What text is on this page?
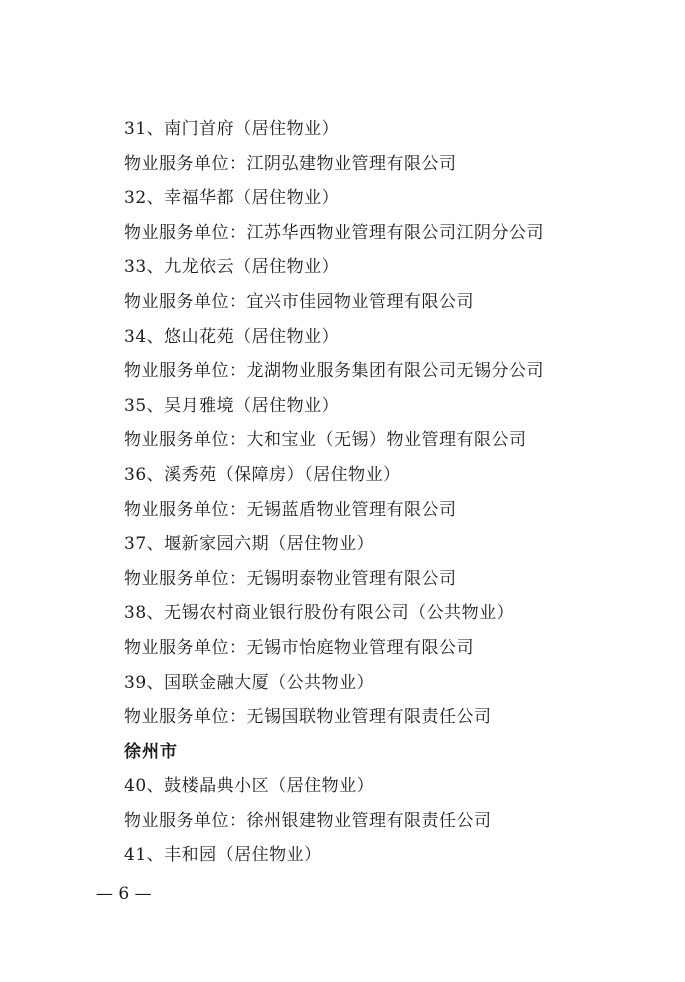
31、南门首府（居住物业）
物业服务单位：江阴弘建物业管理有限公司
32、幸福华都（居住物业）
物业服务单位：江苏华西物业管理有限公司江阴分公司
33、九龙依云（居住物业）
物业服务单位：宜兴市佳园物业管理有限公司
34、悠山花苑（居住物业）
物业服务单位：龙湖物业服务集团有限公司无锡分公司
35、吴月雅境（居住物业）
物业服务单位：大和宝业（无锡）物业管理有限公司
36、溪秀苑（保障房）（居住物业）
物业服务单位：无锡蓝盾物业管理有限公司
37、堰新家园六期（居住物业）
物业服务单位：无锡明泰物业管理有限公司
38、无锡农村商业银行股份有限公司（公共物业）
物业服务单位：无锡市怡庭物业管理有限公司
39、国联金融大厦（公共物业）
物业服务单位：无锡国联物业管理有限责任公司
徐州市
40、鼓楼晶典小区（居住物业）
物业服务单位：徐州银建物业管理有限责任公司
41、丰和园（居住物业）
— 6 —
